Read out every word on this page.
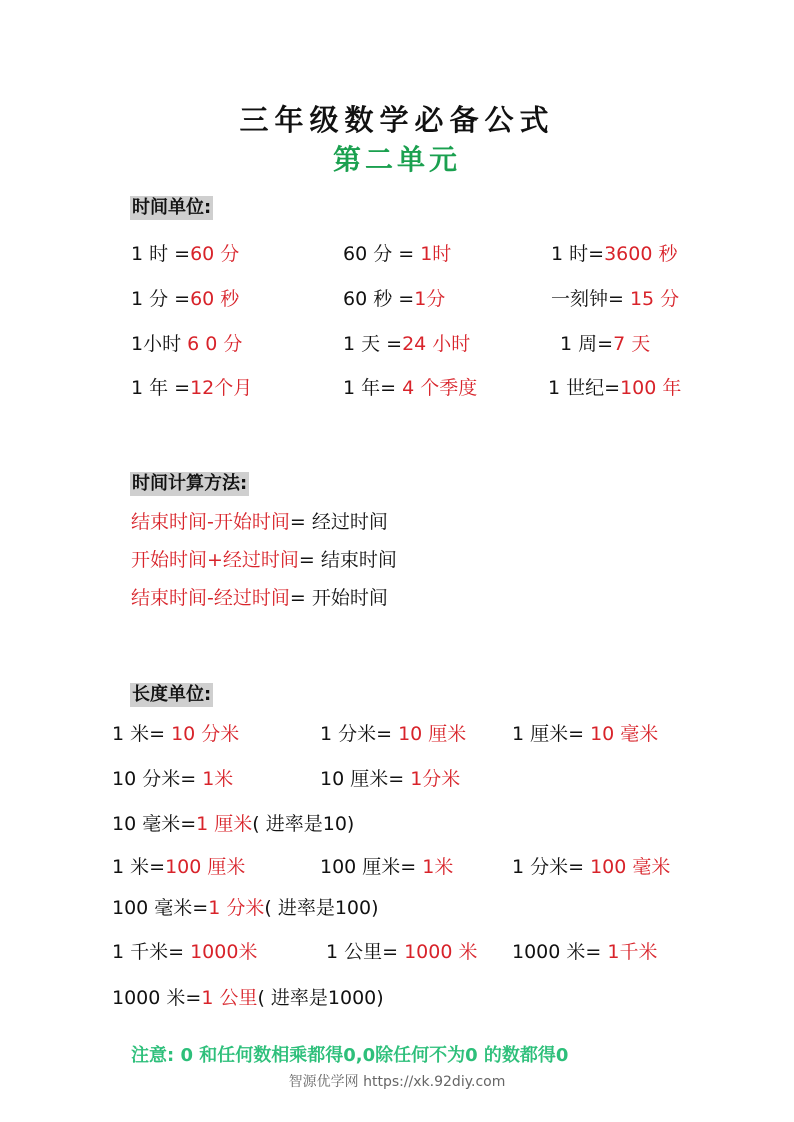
三年级数学必备公式
第二单元
时间单位:
1 时 =60 分	60 分 = 1时	1 时=3600 秒
1 分 =60 秒	60 秒 =1分	一刻钟= 15 分
1小时 6 0 分	1 天 =24 小时	1 周=7 天
1 年 =12个月	1 年= 4 个季度	1 世纪=100 年
时间计算方法:
结束时间-开始时间= 经过时间
开始时间+经过时间= 结束时间
结束时间-经过时间= 开始时间
长度单位:
1 米= 10 分米	1 分米= 10 厘米 1 厘米= 10 毫米
10 分米= 1米	10 厘米= 1分米
10 毫米=1 厘米( 进率是10)
1 米=100 厘米	100 厘米= 1米	1 分米= 100 毫米
100 毫米=1 分米( 进率是100)
1 千米= 1000米	1 公里= 1000 米 1000 米= 1千米
1000 米=1 公里( 进率是1000)
注意: 0 和任何数相乘都得0,0除任何不为0 的数都得0
智源优学网 https://xk.92diy.com
